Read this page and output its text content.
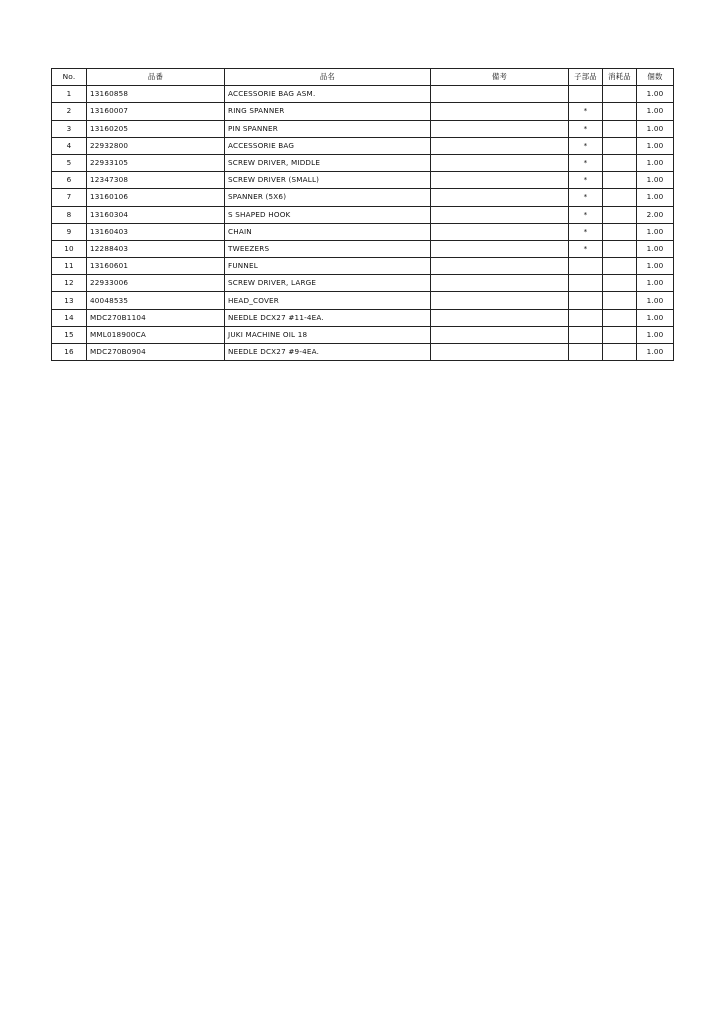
No.	品番	品名	備考	子部品	消耗品	個数
1	13160858	ACCESSORIE BAG ASM.				1.00
2	13160007	RING SPANNER		*		1.00
3	13160205	PIN SPANNER		*		1.00
4	22932800	ACCESSORIE BAG		*		1.00
5	22933105	SCREW DRIVER, MIDDLE		*		1.00
6	12347308	SCREW DRIVER (SMALL)		*		1.00
7	13160106	SPANNER (5X6)		*		1.00
8	13160304	S SHAPED HOOK		*		2.00
9	13160403	CHAIN		*		1.00
10	12288403	TWEEZERS		*		1.00
11	13160601	FUNNEL				1.00
12	22933006	SCREW DRIVER, LARGE				1.00
13	40048535	HEAD_COVER				1.00
14	MDC270B1104	NEEDLE DCX27 #11-4EA.				1.00
15	MML018900CA	JUKI MACHINE OIL 18				1.00
16	MDC270B0904	NEEDLE DCX27 #9-4EA.				1.00
